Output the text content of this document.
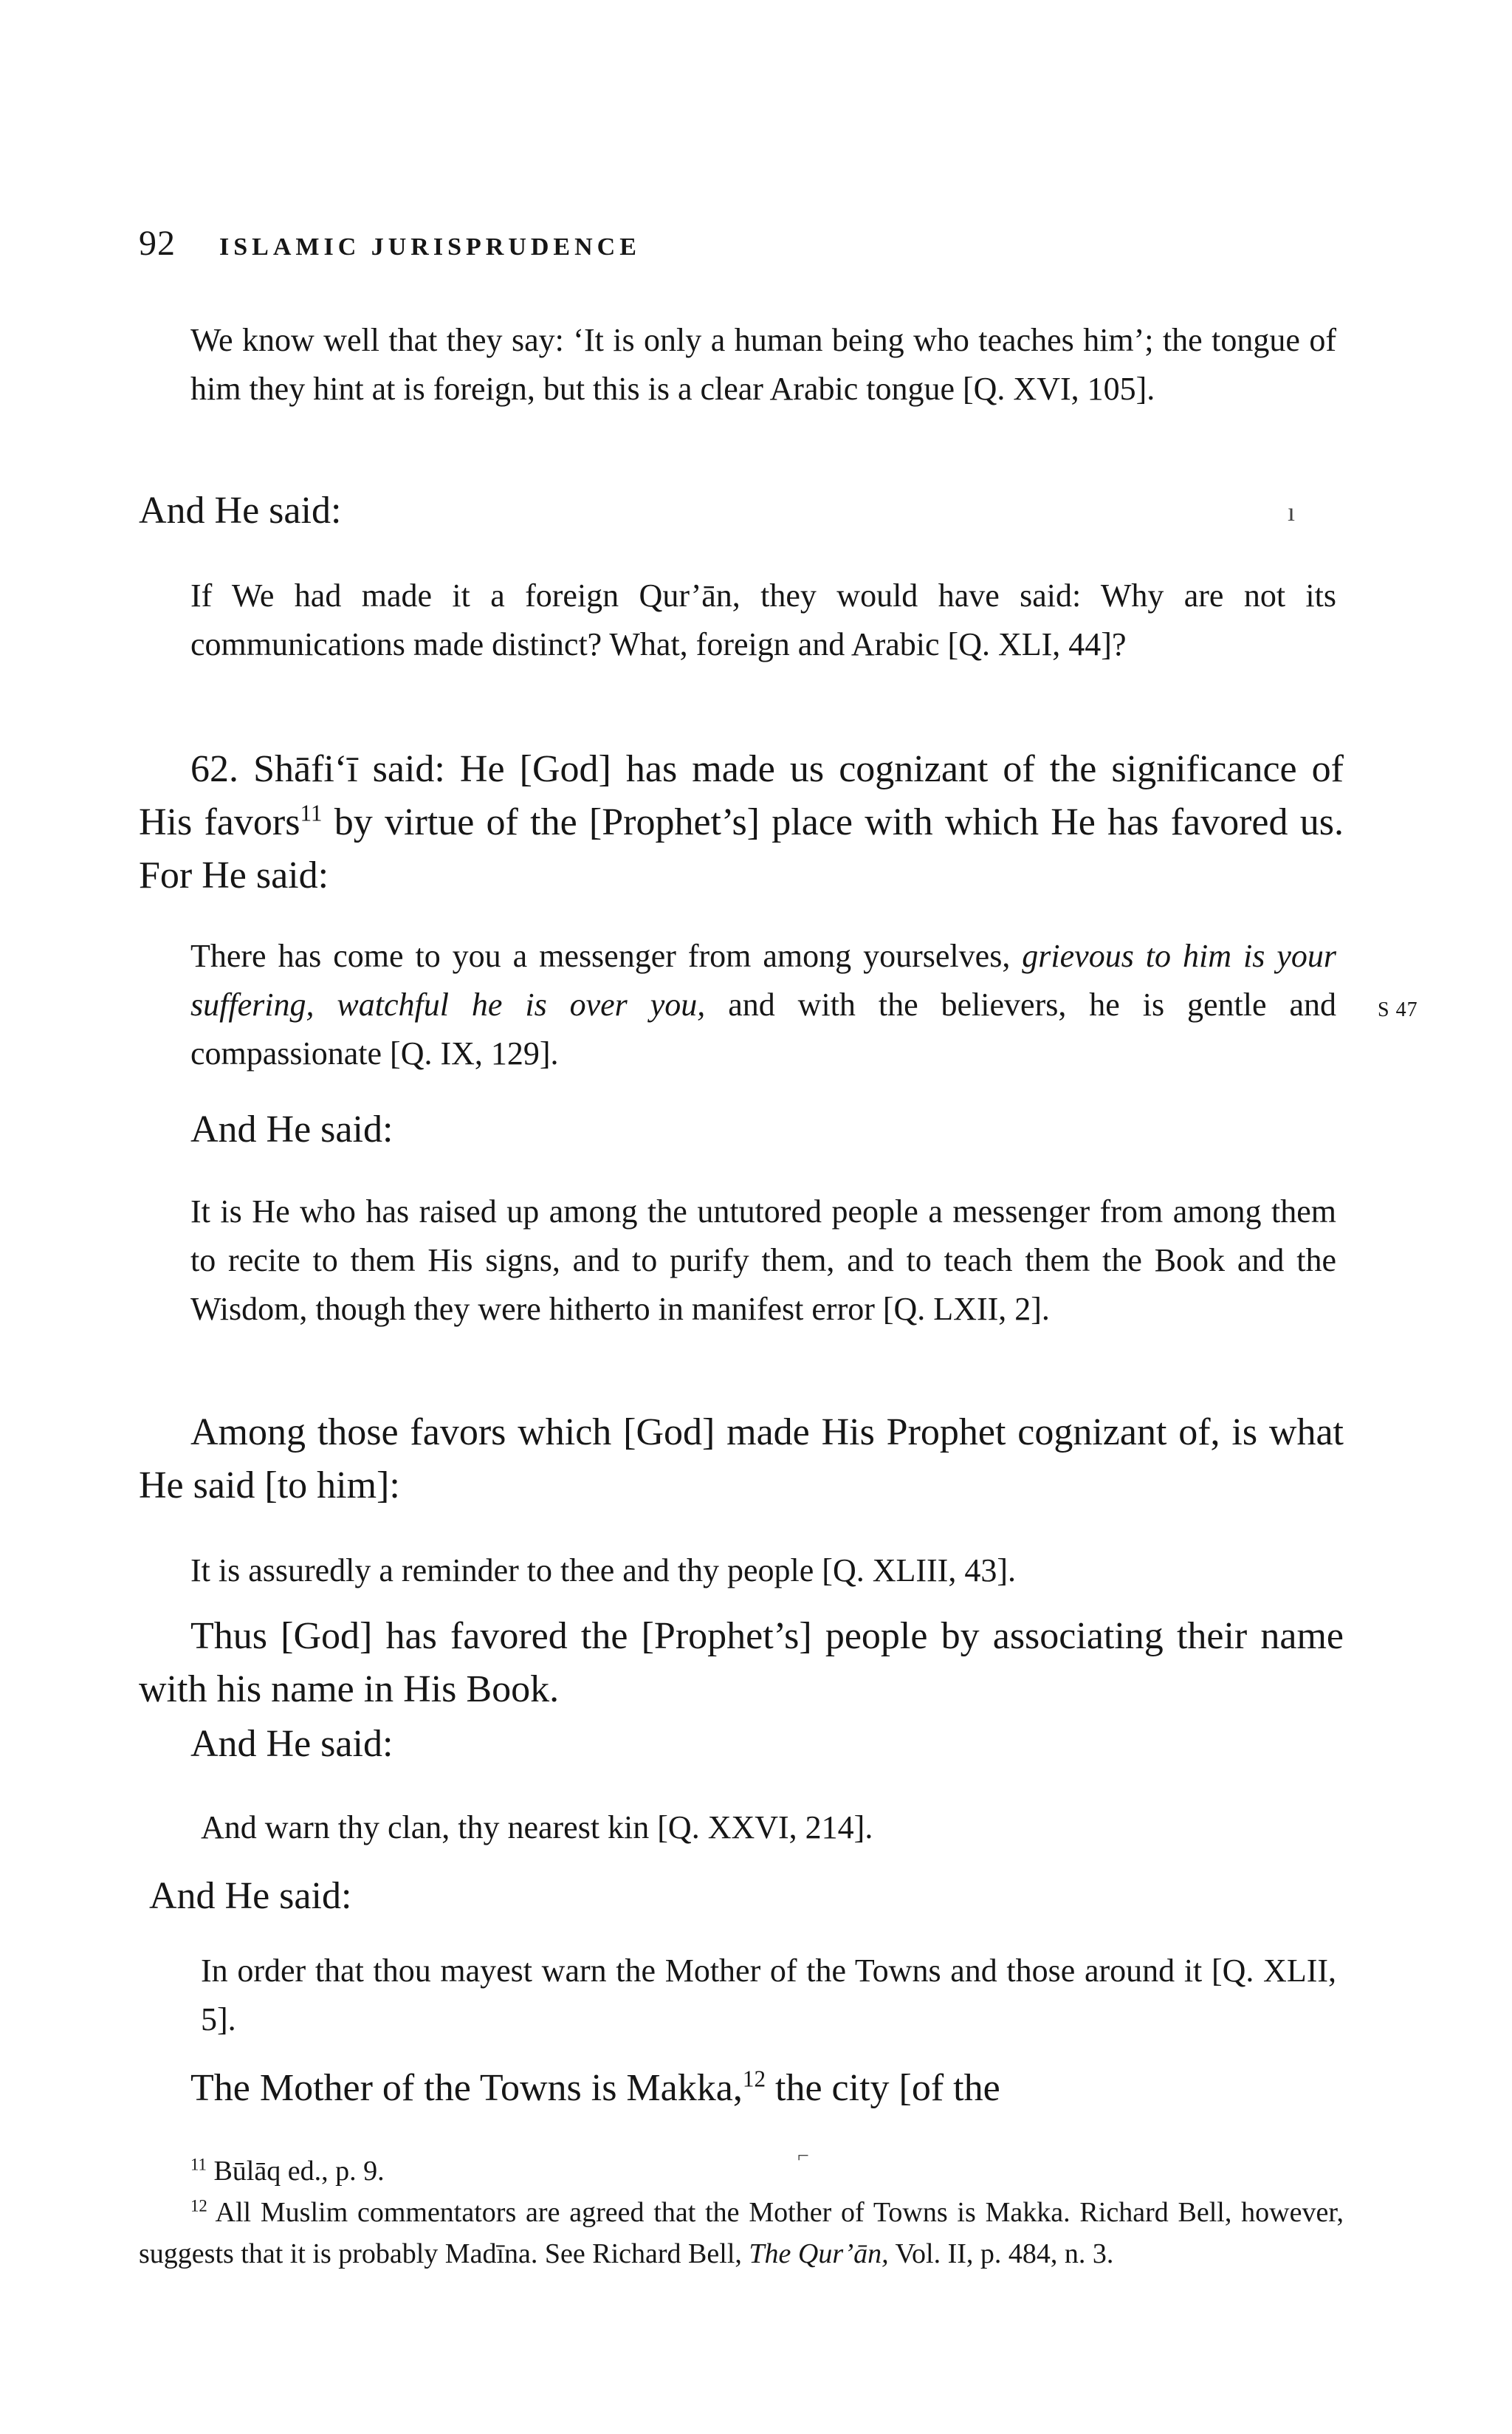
92 ISLAMIC JURISPRUDENCE
We know well that they say: ‘It is only a human being who teaches him’; the tongue of him they hint at is foreign, but this is a clear Arabic tongue [Q. XVI, 105].
And He said:	ı
If We had made it a foreign Qur’ān, they would have said: Why are not its communications made distinct? What, foreign and Arabic [Q. XLI, 44]?
62. Shāfi‘ī said: He [God] has made us cognizant of the significance of His favors$^{11}$ by virtue of the [Prophet’s] place with which He has favored us. For He said:
There has come to you a messenger from among yourselves, grievous to him is your suffering, watchful he is over you, and with the believers, he is gentle and compassionate [Q. IX, 129].
S 47
And He said:
It is He who has raised up among the untutored people a messenger from among them to recite to them His signs, and to purify them, and to teach them the Book and the Wisdom, though they were hitherto in manifest error [Q. LXII, 2].
Among those favors which [God] made His Prophet cognizant of, is what He said [to him]:
It is assuredly a reminder to thee and thy people [Q. XLIII, 43].
Thus [God] has favored the [Prophet’s] people by associating their name with his name in His Book.
And He said:
And warn thy clan, thy nearest kin [Q. XXVI, 214].
And He said:
In order that thou mayest warn the Mother of the Towns and those around it [Q. XLII, 5].
The Mother of the Towns is Makka,$^{12}$ the city [of the
⌐
$^{11}$ Būlāq ed., p. 9.
$^{12}$ All Muslim commentators are agreed that the Mother of Towns is Makka. Richard Bell, however, suggests that it is probably Madīna. See Richard Bell, The Qur’ān, Vol. II, p. 484, n. 3.
